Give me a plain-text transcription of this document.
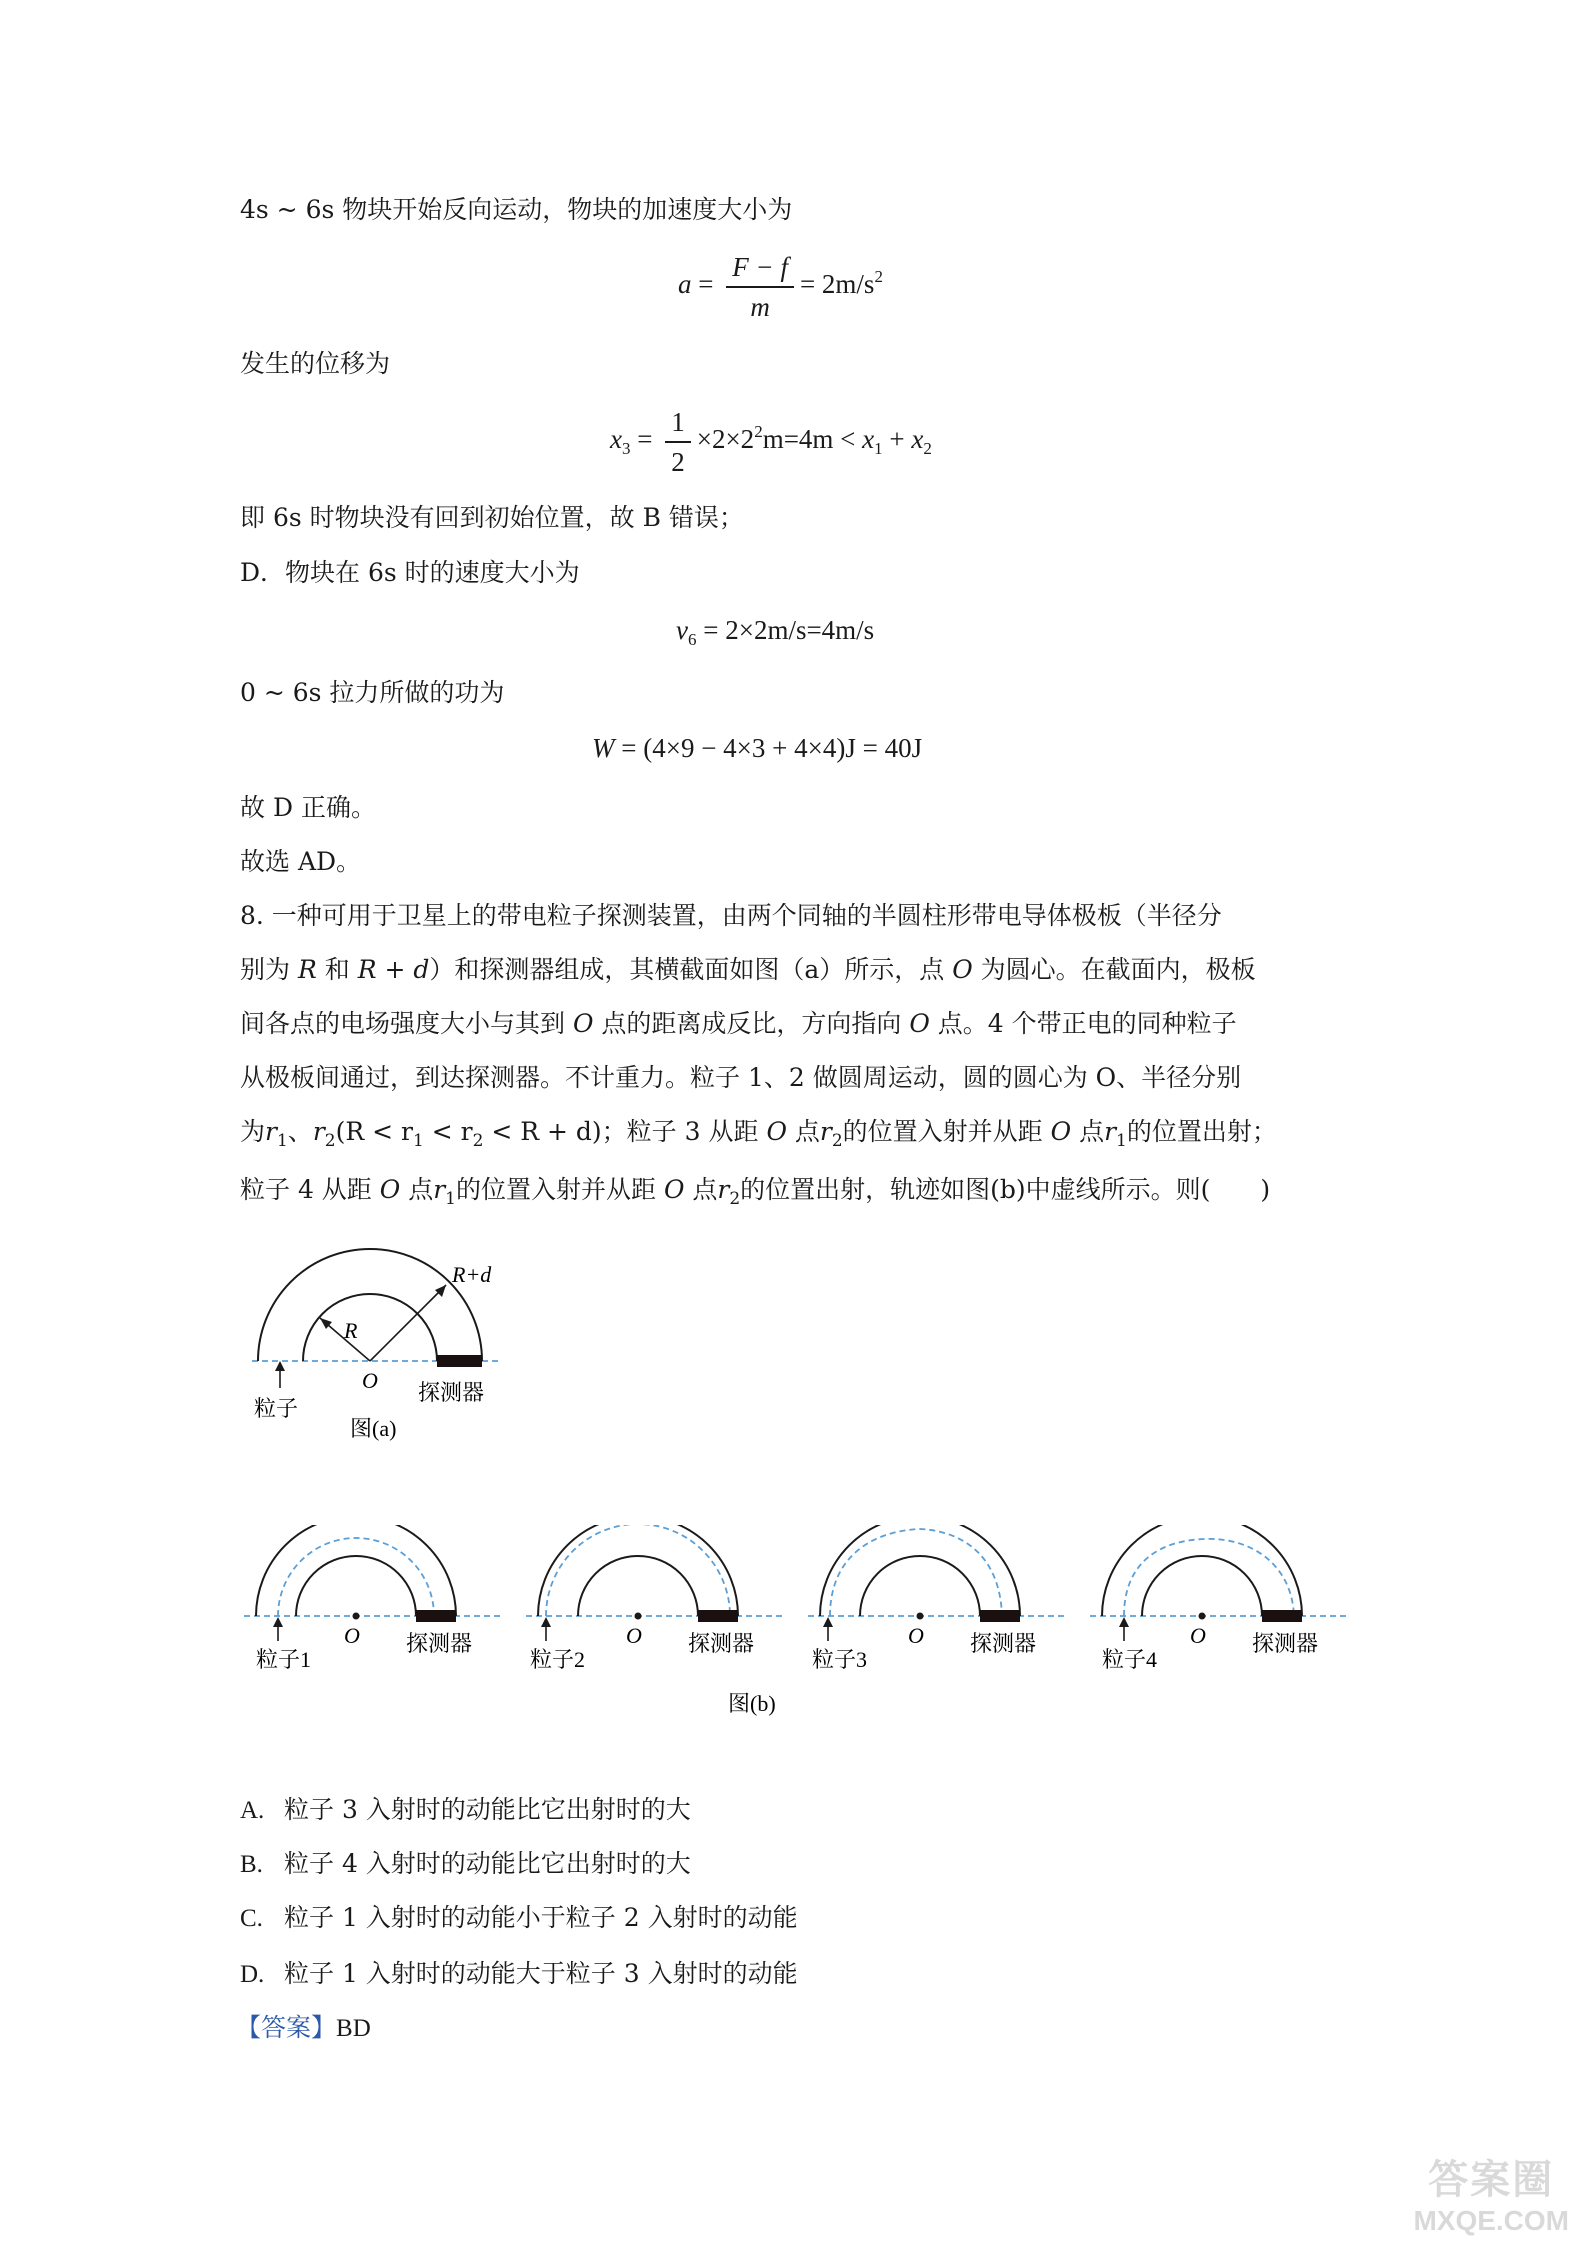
4s ~ 6s 物块开始反向运动，物块的加速度大小为
$a = \frac{F - f}{m} = 2m/s^2$
发生的位移为
$x_3 = \frac{1}{2} \times 2\times 2^2m=4m < x_1 + x_2$
即 6s 时物块没有回到初始位置，故 B 错误；
D．物块在 6s 时的速度大小为
$v_6 = 2\times 2m/s=4m/s$
0 ~ 6s 拉力所做的功为
W = (4×9 − 4×3 + 4×4)J = 40J
故 D 正确。
故选 AD。
8. 一种可用于卫星上的带电粒子探测装置，由两个同轴的半圆柱形带电导体极板（半径分
别为 R 和 R + d）和探测器组成，其横截面如图（a）所示，点 O 为圆心。在截面内，极板
间各点的电场强度大小与其到 O 点的距离成反比，方向指向 O 点。4 个带正电的同种粒子
从极板间通过，到达探测器。不计重力。粒子 1、2 做圆周运动，圆的圆心为 O、半径分别
为$r_1$、$r_2(R < r_1 < r_2 < R + d)$；粒子 3 从距 O 点$r_2$的位置入射并从距 O 点$r_1$的位置出射；
粒子 4 从距 O 点$r_1$的位置入射并从距 O 点$r_2$的位置出射，轨迹如图(b)中虚线所示。则(　　)
R
R+d
O
粒子
探测器
图(a)
O
粒子1
探测器	O
粒子2
探测器	O
粒子3
探测器	O
粒子4
探测器
图(b)
A. 粒子 3 入射时的动能比它出射时的大
B. 粒子 4 入射时的动能比它出射时的大
C. 粒子 1 入射时的动能小于粒子 2 入射时的动能
D. 粒子 1 入射时的动能大于粒子 3 入射时的动能
【答案】BD
答案圈
MXQE.COM
